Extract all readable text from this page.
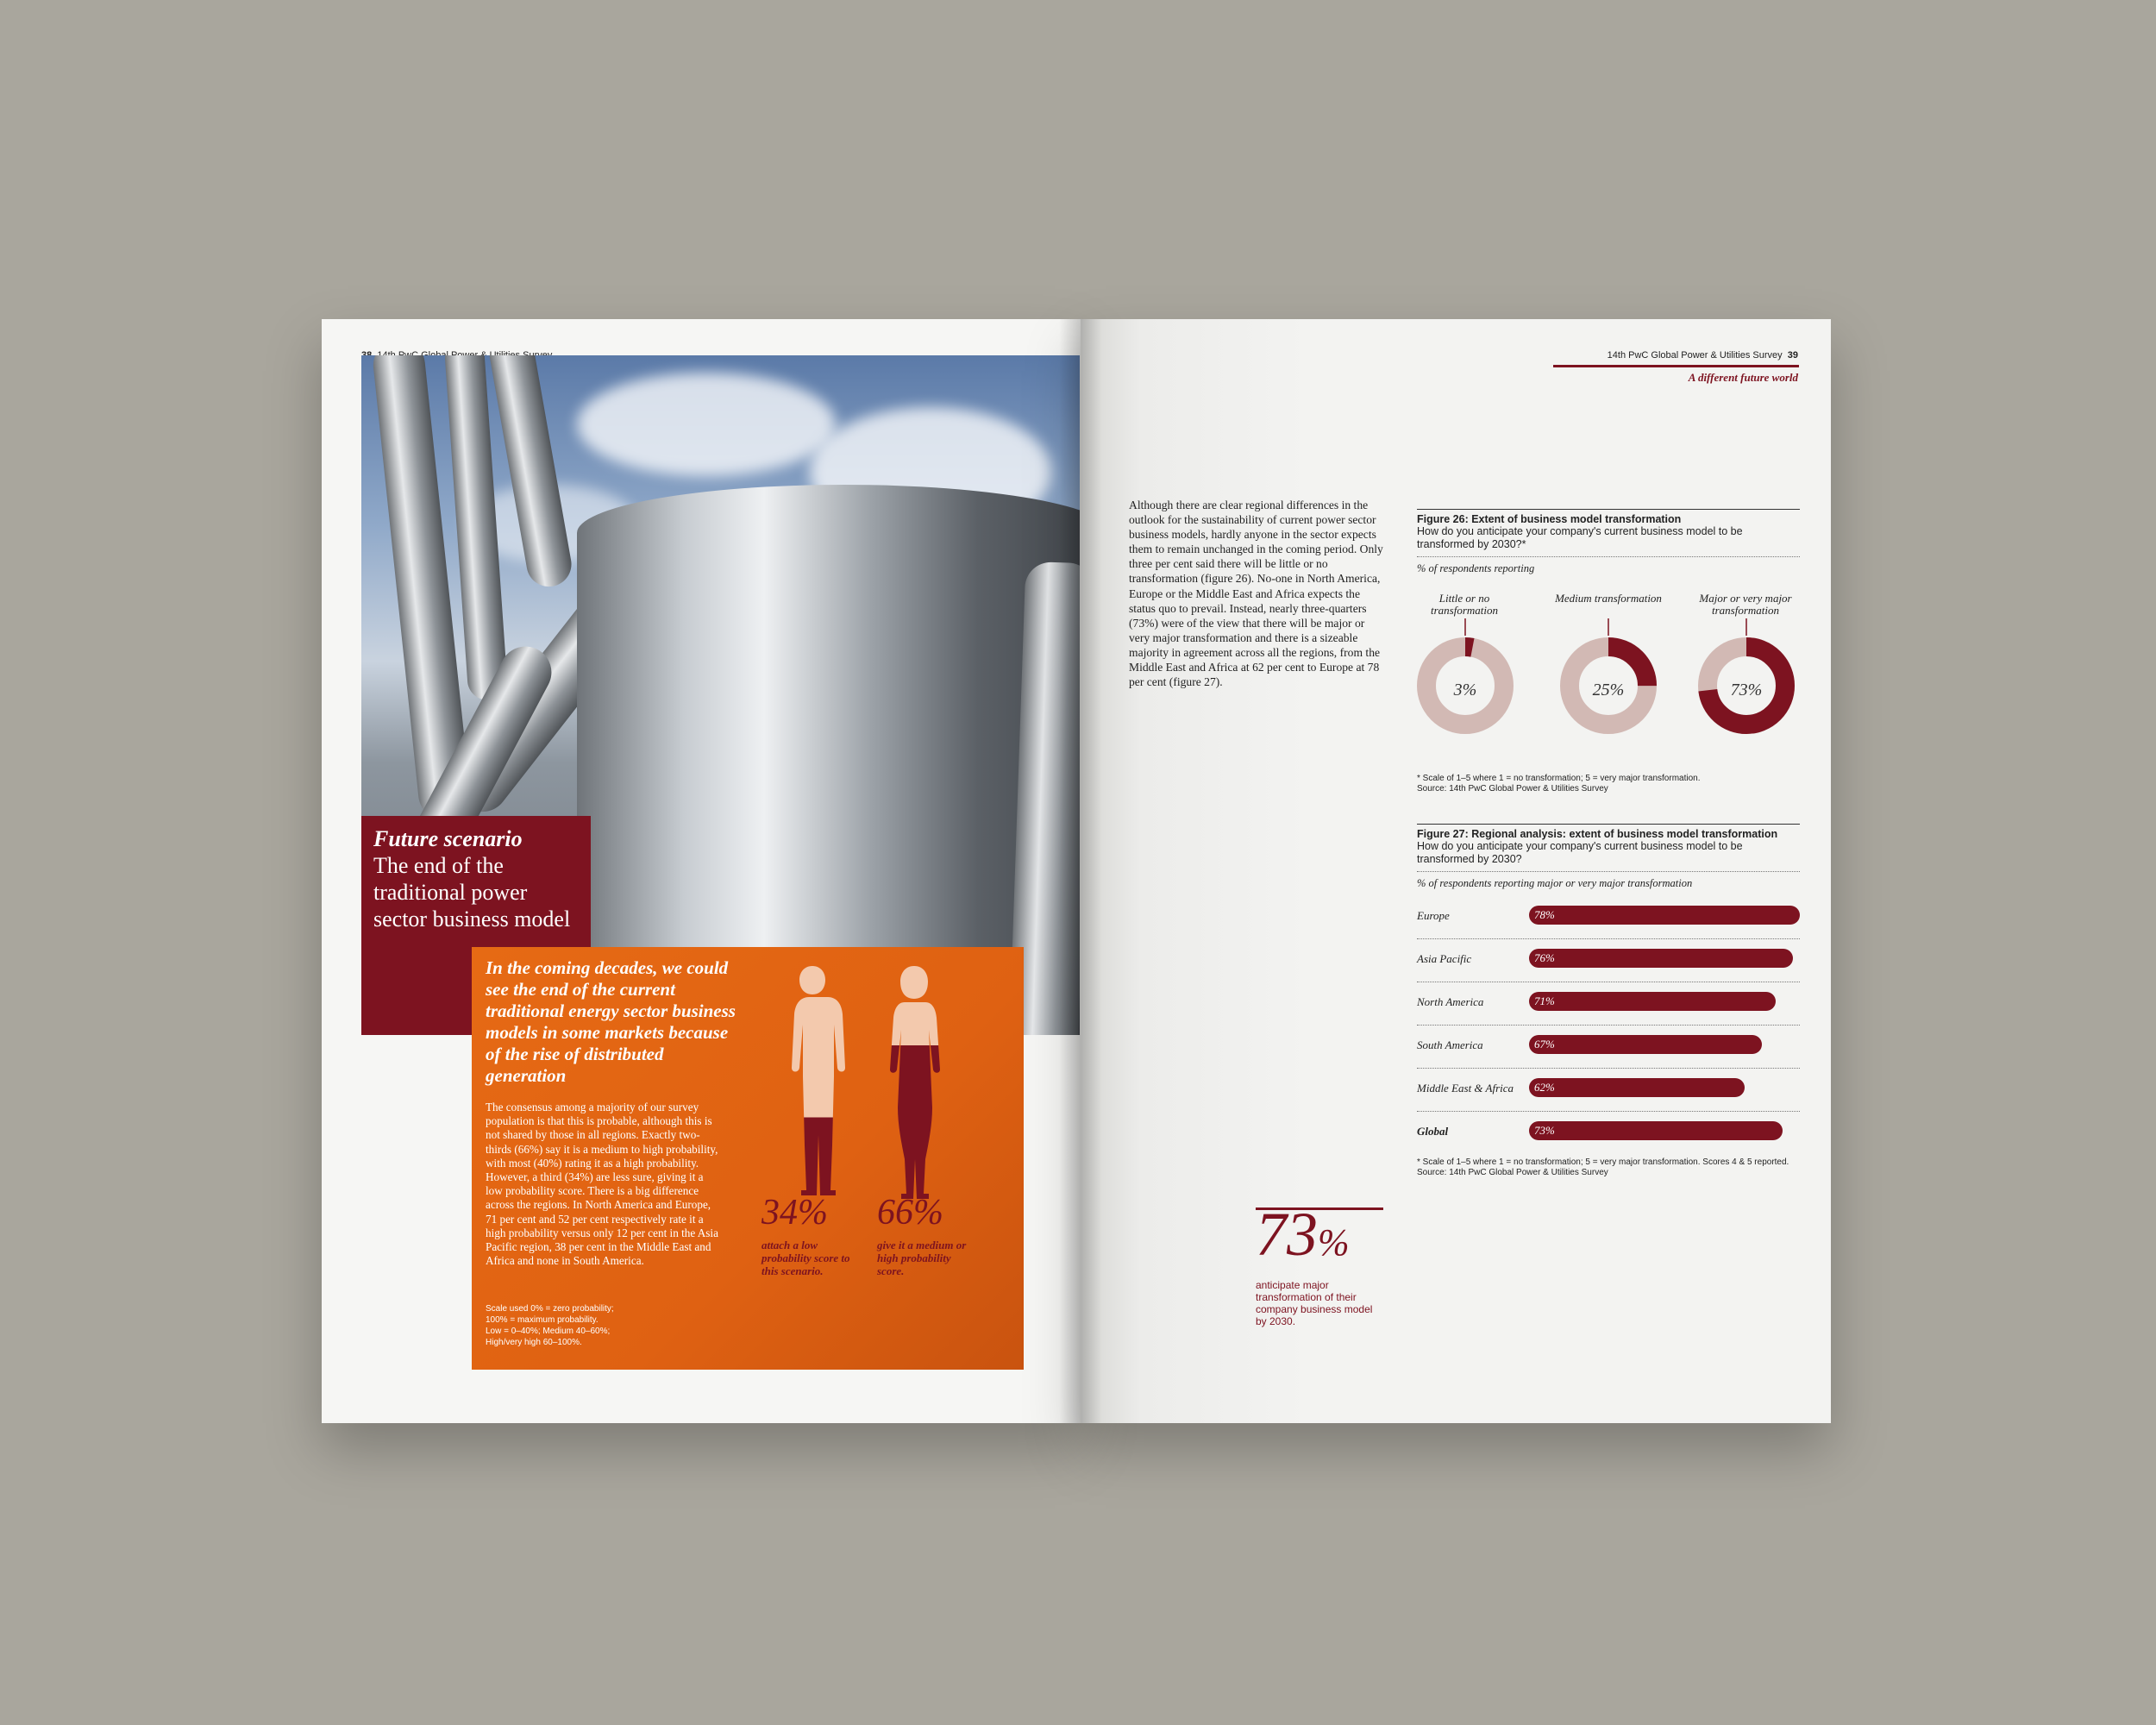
Future scenario
The end of the traditional power sector business model
In the coming decades, we could see the end of the current traditional energy sector business models in some markets because of the rise of distributed generation
The consensus among a majority of our survey population is that this is probable, although this is not shared by those in all regions. Exactly two-thirds (66%) say it is a medium to high probability, with most (40%) rating it as a high probability. However, a third (34%) are less sure, giving it a low probability score. There is a big difference across the regions. In North America and Europe, 71 per cent and 52 per cent respectively rate it a high probability versus only 12 per cent in the Asia Pacific region, 38 per cent in the Middle East and Africa and none in South America.
Scale used 0% = zero probability;
100% = maximum probability.
Low = 0–40%; Medium 40–60%;
High/very high 60–100%.
34%
attach a low probability score to this scenario.
66%
give it a medium or high probability score.
14th PwC Global Power & Utilities Survey 39
A different future world
Although there are clear regional differences in the outlook for the sustainability of current power sector business models, hardly anyone in the sector expects them to remain unchanged in the coming period. Only three per cent said there will be little or no transformation (figure 26). No-one in North America, Europe or the Middle East and Africa expects the status quo to prevail. Instead, nearly three-quarters (73%) were of the view that there will be major or very major transformation and there is a sizeable majority in agreement across all the regions, from the Middle East and Africa at 62 per cent to Europe at 78 per cent (figure 27).
Figure 26: Extent of business model transformation
How do you anticipate your company's current business model to be transformed by 2030?*
% of respondents reporting
Little or no transformation
Medium transformation	Major or very major transformation
3%	25%	73%
* Scale of 1–5 where 1 = no transformation; 5 = very major transformation.
Source: 14th PwC Global Power & Utilities Survey
Figure 27: Regional analysis: extent of business model transformation
How do you anticipate your company's current business model to be transformed by 2030?
% of respondents reporting major or very major transformation
Europe	78%
Asia Pacific	76%
North America	71%
South America	67%
Middle East & Africa 62%
Global	73%
* Scale of 1–5 where 1 = no transformation; 5 = very major transformation. Scores 4 & 5 reported.
Source: 14th PwC Global Power & Utilities Survey
73%
anticipate major transformation of their company business model by 2030.
